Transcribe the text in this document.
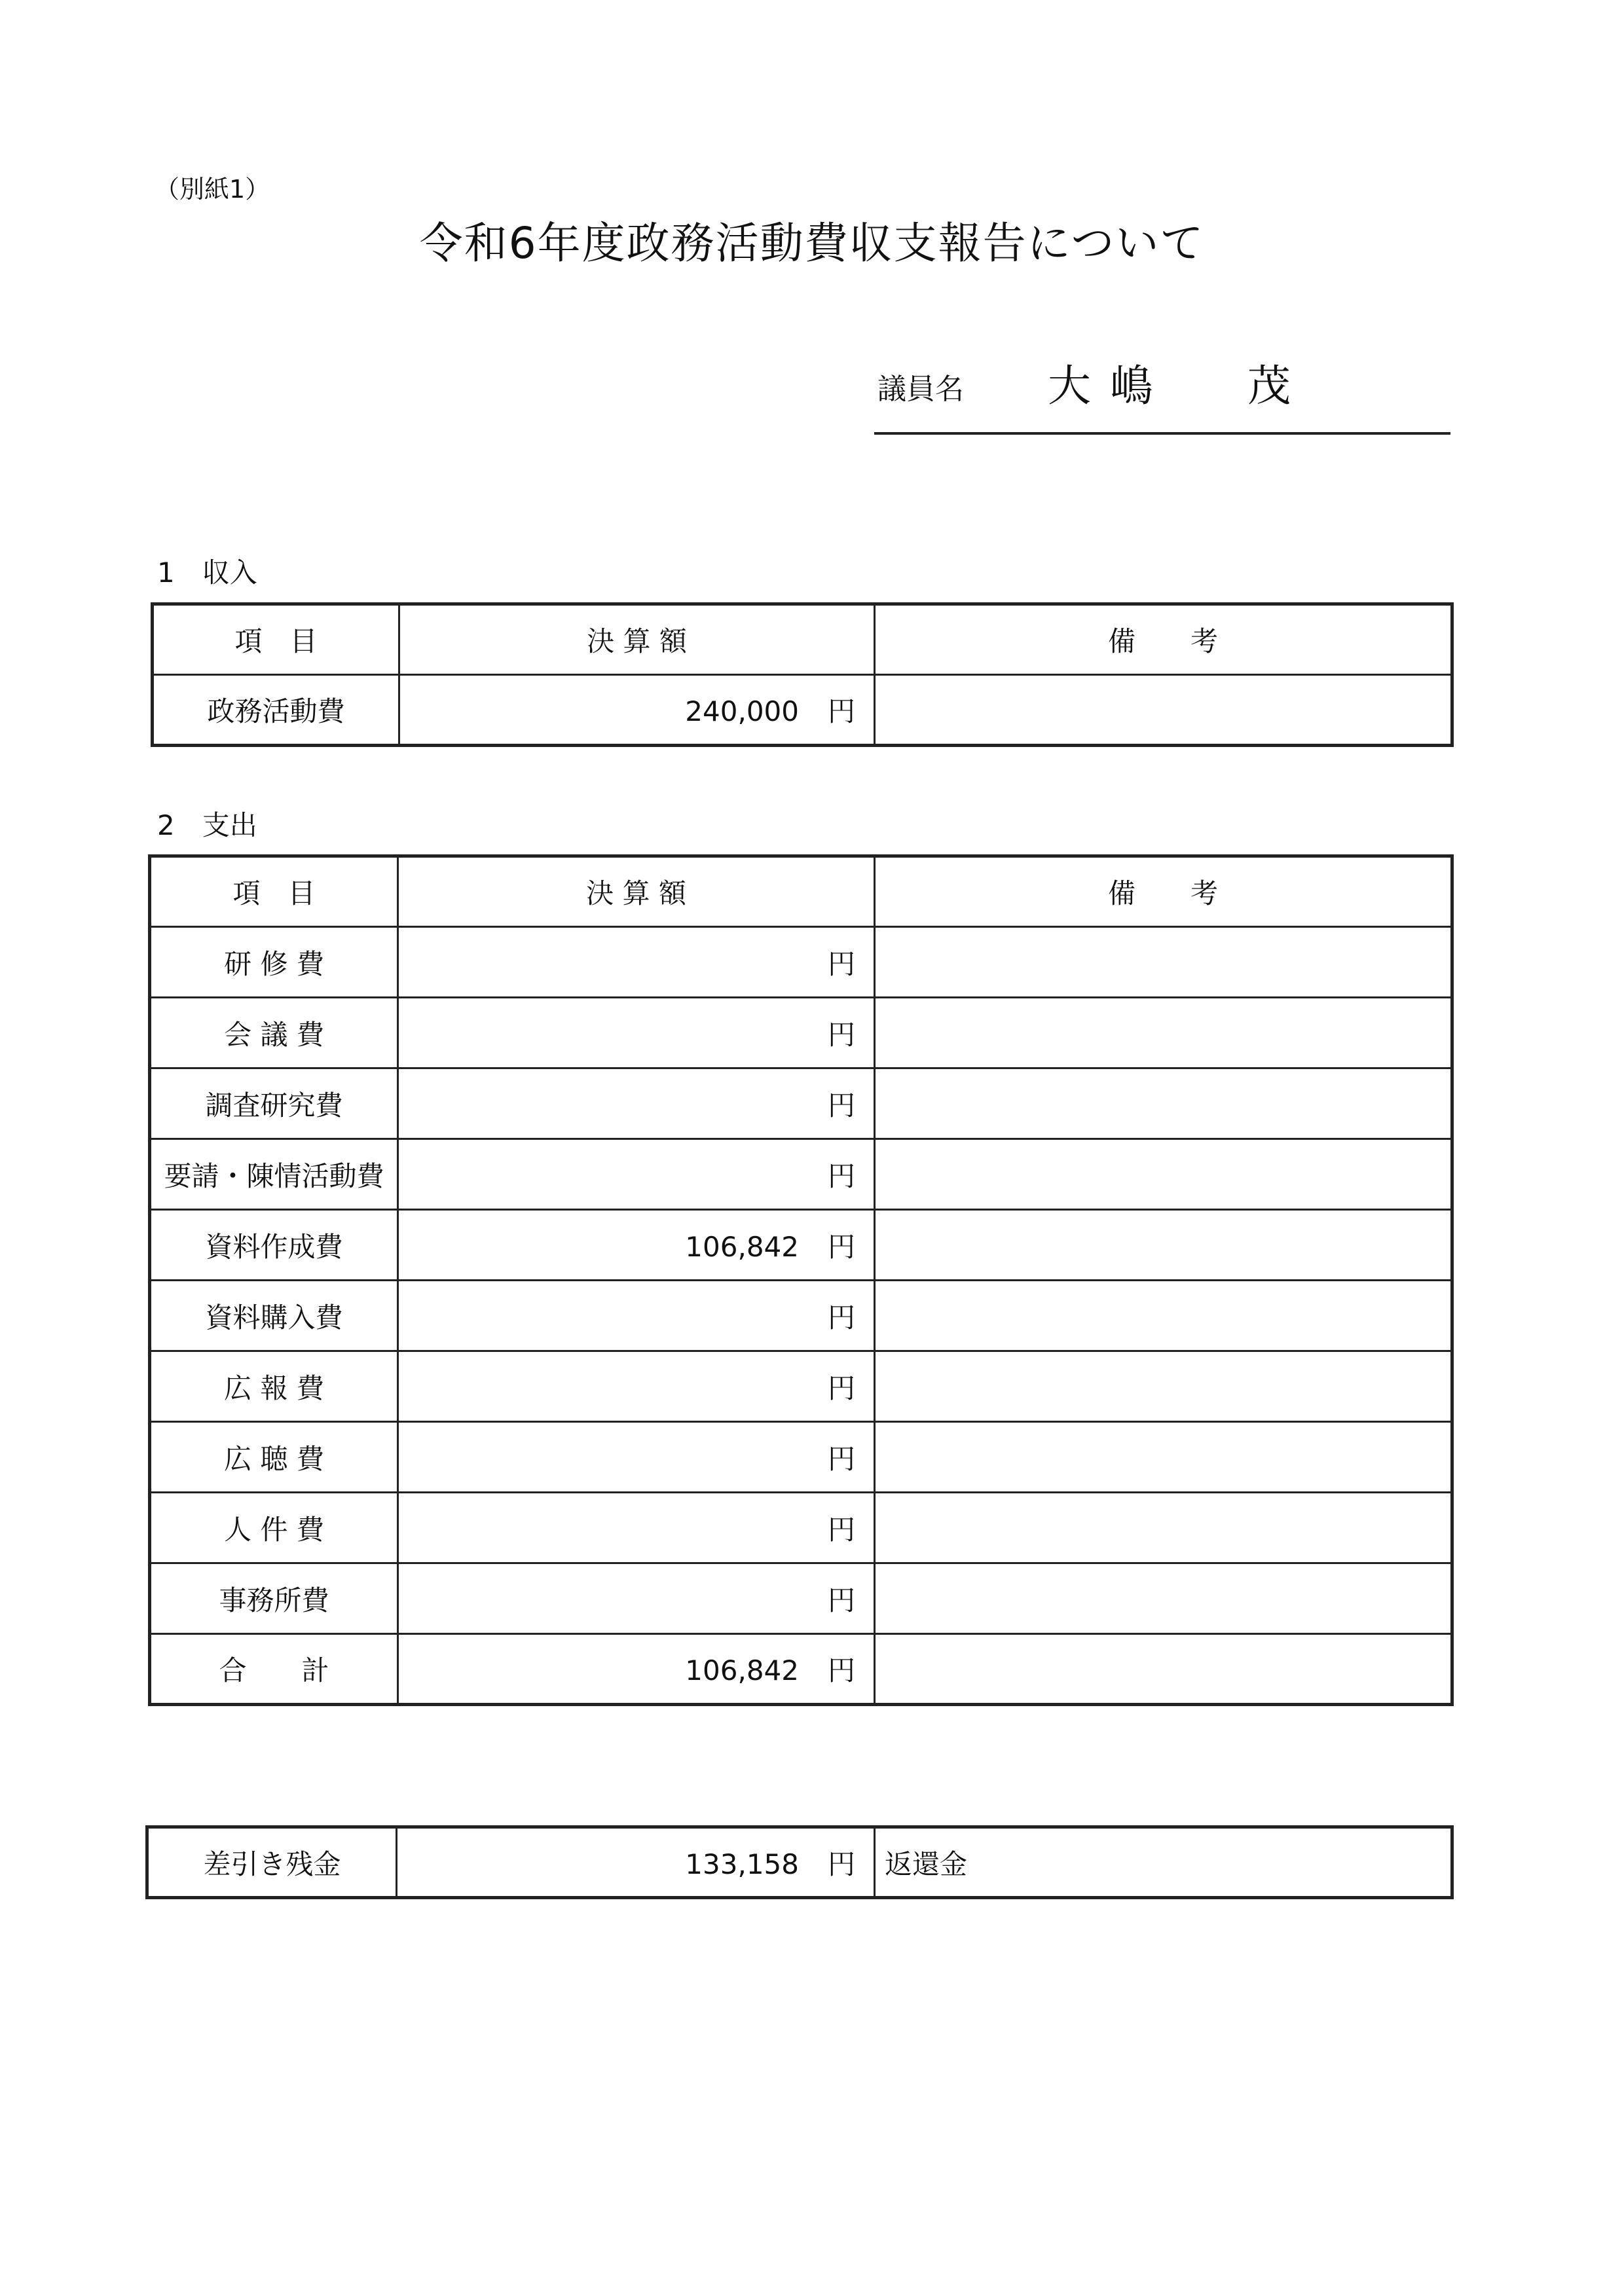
（別紙1）
令和6年度政務活動費収支報告について
議員名 大 嶋　　茂
1　収入
項　目	決 算 額	備　　考
政務活動費	240,000 円	
2　支出
項　目	決 算 額	備　　考
研 修 費	円	
会 議 費	円	
調査研究費	円	
要請・陳情活動費	円	
資料作成費	106,842 円	
資料購入費	円	
広 報 費	円	
広 聴 費	円	
人 件 費	円	
事務所費	円	
合　　計	106,842 円	
差引き残金	133,158 円	返還金
